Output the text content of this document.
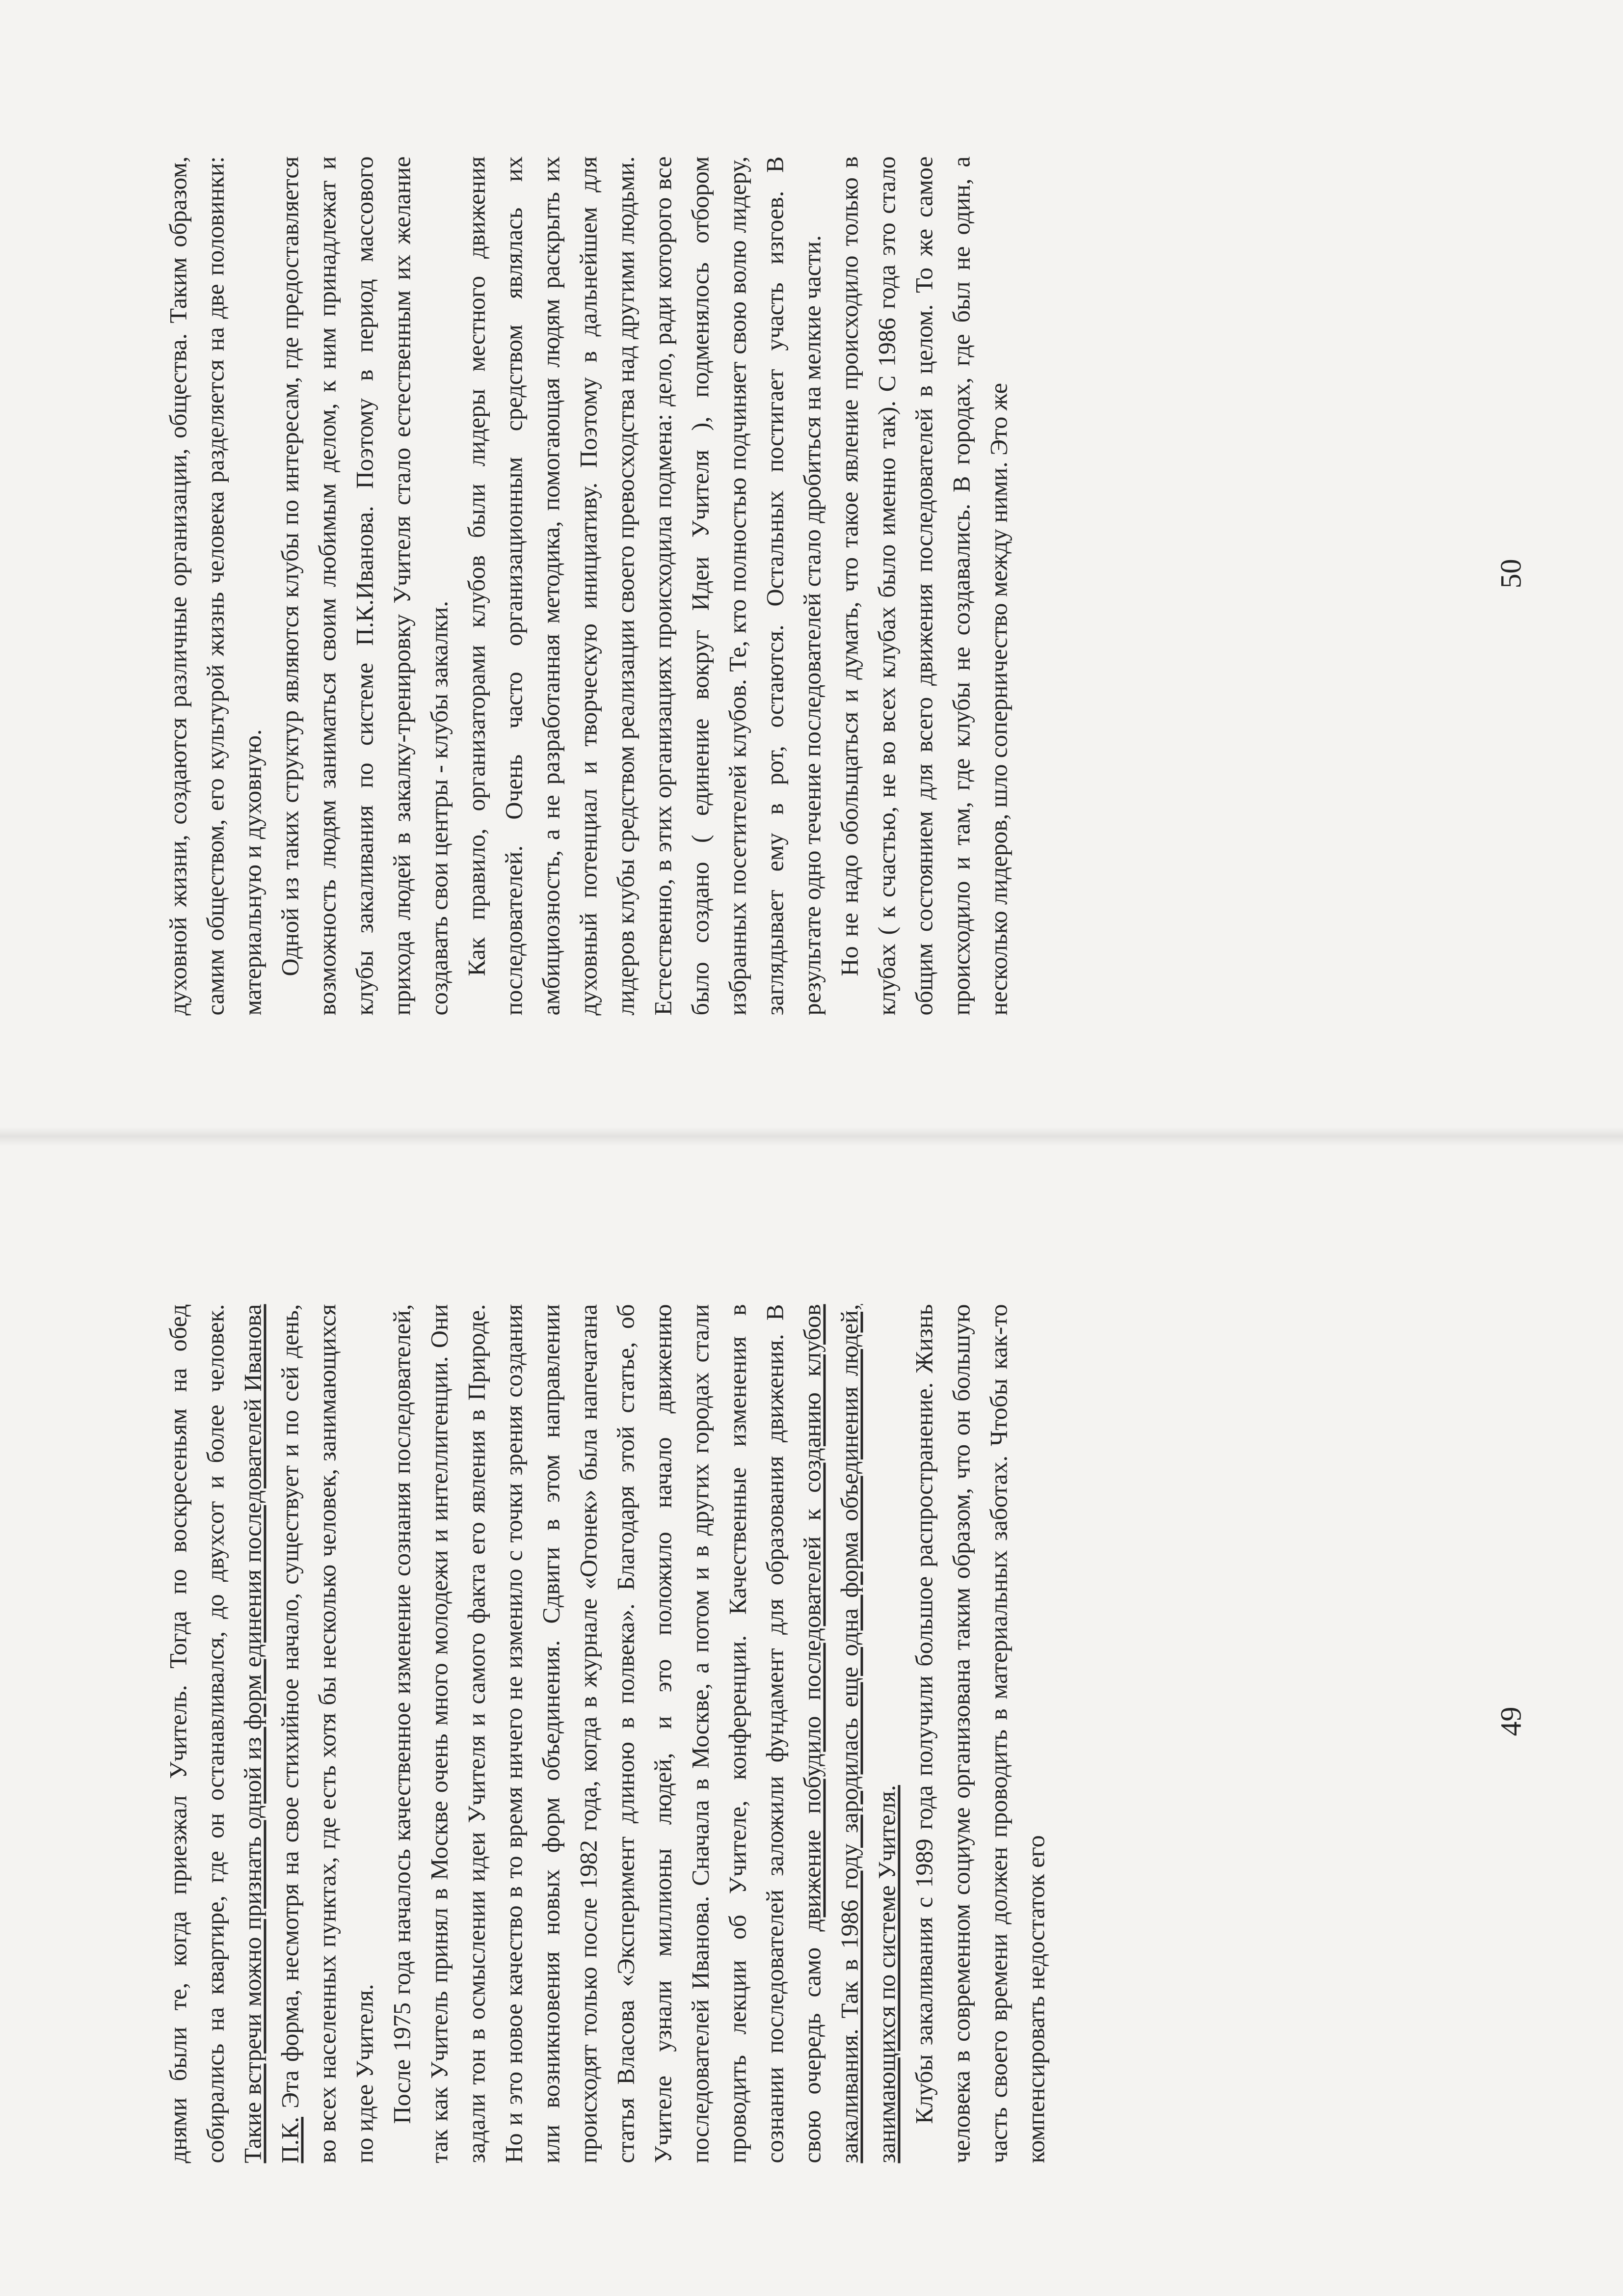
духовной жизни, создаются различные организации, общества. Таким образом, самим обществом, его культурой жизнь человека разделяется на две половинки: материальную и духовную. Одной из таких структур являются клубы по интересам, где предоставляется возможность людям заниматься своим любимым делом, к ним принадлежат и клубы закаливания по системе П.К.Иванова. Поэтому в период массового прихода людей в закалку-тренировку Учителя стало естественным их желание создавать свои центры - клубы закалки. Как правило, организаторами клубов были лидеры местного движения последователей. Очень часто организационным средством являлась их амбициозность, а не разработанная методика, помогающая людям раскрыть их духовный потенциал и творческую инициативу. Поэтому в дальнейшем для лидеров клубы средством реализации своего превосходства над другими людьми. Естественно, в этих организациях происходила подмена: дело, ради которого все было создано ( единение вокруг Идеи Учителя ), подменялось отбором избранных посетителей клубов. Те, кто полностью подчиняет свою волю лидеру, заглядывает ему в рот, остаются. Остальных постигает участь изгоев. В результате одно течение последователей стало дробиться на мелкие части. Но не надо обольщаться и думать, что такое явление происходило только в клубах ( к счастью, не во всех клубах было именно так). С 1986 года это стало общим состоянием для всего движения последователей в целом. То же самое происходило и там, где клубы не создавались. В городах, где был не один, а несколько лидеров, шло соперничество между ними. Это же	50

днями были те, когда приезжал Учитель. Тогда по воскресеньям на обед собирались на квартире, где он останавливался, до двухсот и более человек. Такие встречи можно признать одной из форм единения последователей Иванова П.К. Эта форма, несмотря на свое стихийное начало, существует и по сей день, во всех населенных пунктах, где есть хотя бы несколько человек, занимающихся по идее Учителя. После 1975 года началось качественное изменение сознания последователей, так как Учитель принял в Москве очень много молодежи и интеллигенции. Они задали тон в осмыслении идеи Учителя и самого факта его явления в Природе. Но и это новое качество в то время ничего не изменило с точки зрения создания или возникновения новых форм объединения. Сдвиги в этом направлении происходят только после 1982 года, когда в журнале «Огонек» была напечатана статья Власова «Эксперимент длиною в полвека». Благодаря этой статье, об Учителе узнали миллионы людей, и это положило начало движению последователей Иванова. Сначала в Москве, а потом и в других городах стали проводить лекции об Учителе, конференции. Качественные изменения в сознании последователей заложили фундамент для образования движения. В свою очередь само движение побудило последователей к созданию клубов закаливания. Так в 1986 году зародилась еще одна форма объединения людей, занимающихся по системе Учителя. Клубы закаливания с 1989 года получили большое распространение. Жизнь человека в современном социуме организована таким образом, что он большую часть своего времени должен проводить в материальных заботах. Чтобы как-то компенсировать недостаток его

49
